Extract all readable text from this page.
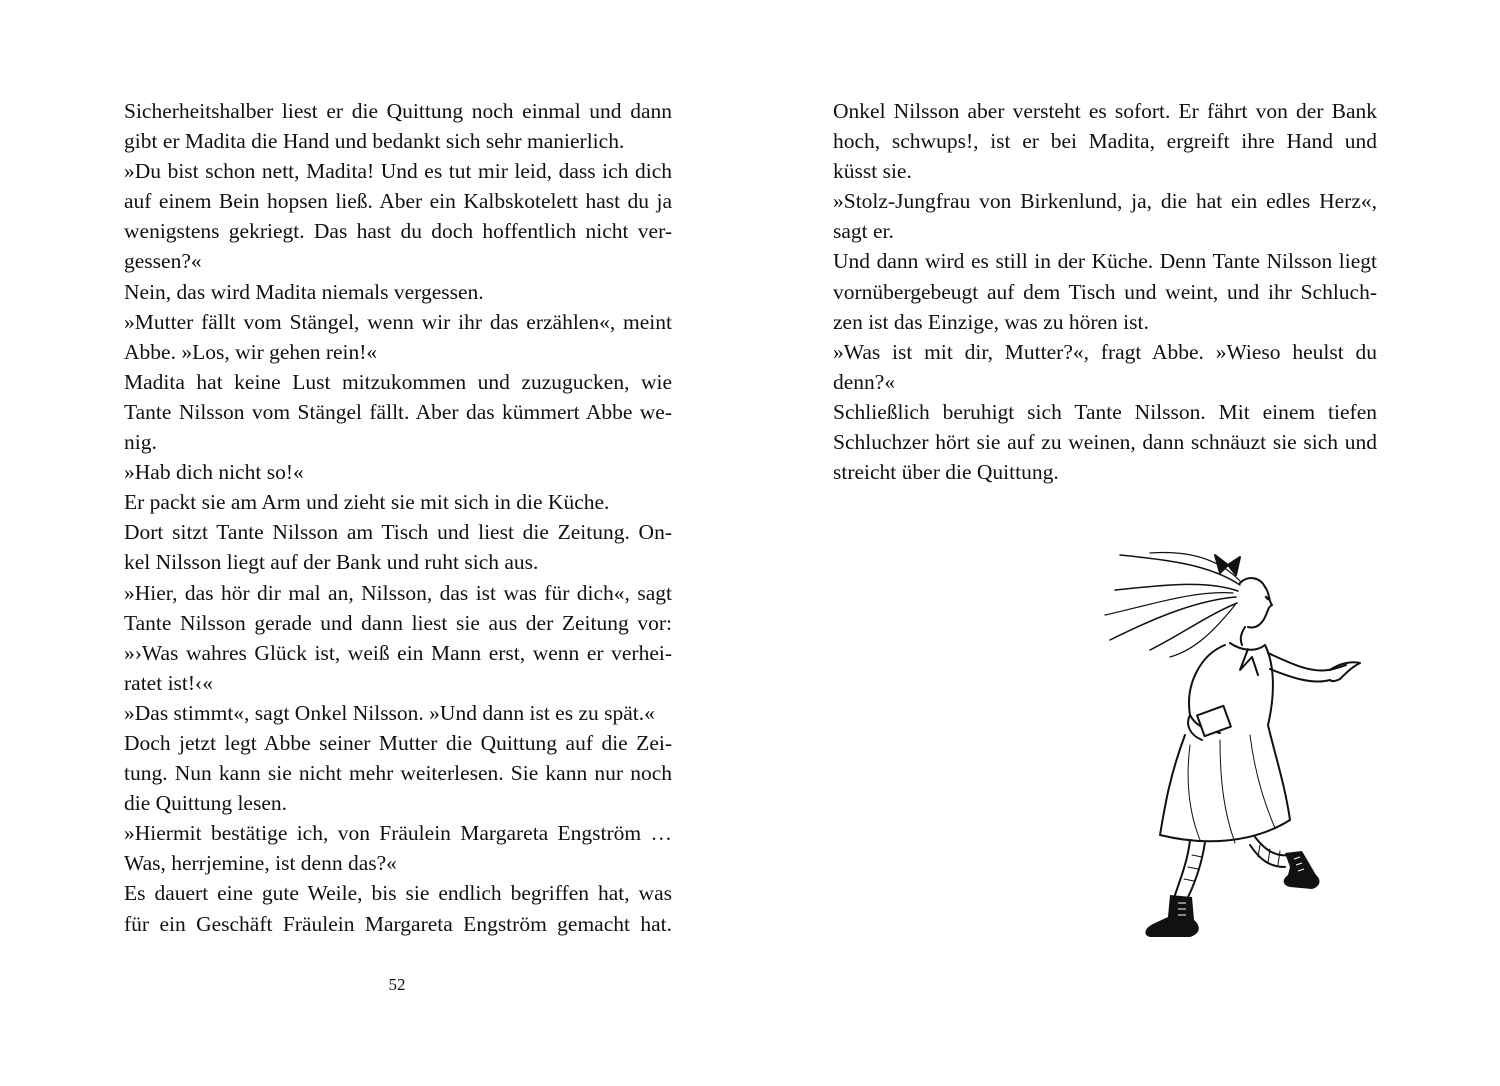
Sicherheitshalber liest er die Quittung noch einmal und dann
gibt er Madita die Hand und bedankt sich sehr manierlich.
»Du bist schon nett, Madita! Und es tut mir leid, dass ich dich
auf einem Bein hopsen ließ. Aber ein Kalbskotelett hast du ja
wenigstens gekriegt. Das hast du doch hoffentlich nicht ver-
gessen?«
Nein, das wird Madita niemals vergessen.
»Mutter fällt vom Stängel, wenn wir ihr das erzählen«, meint
Abbe. »Los, wir gehen rein!«
Madita hat keine Lust mitzukommen und zuzugucken, wie
Tante Nilsson vom Stängel fällt. Aber das kümmert Abbe we-
nig.
»Hab dich nicht so!«
Er packt sie am Arm und zieht sie mit sich in die Küche.
Dort sitzt Tante Nilsson am Tisch und liest die Zeitung. On-
kel Nilsson liegt auf der Bank und ruht sich aus.
»Hier, das hör dir mal an, Nilsson, das ist was für dich«, sagt
Tante Nilsson gerade und dann liest sie aus der Zeitung vor:
»›Was wahres Glück ist, weiß ein Mann erst, wenn er verhei-
ratet ist!‹«
»Das stimmt«, sagt Onkel Nilsson. »Und dann ist es zu spät.«
Doch jetzt legt Abbe seiner Mutter die Quittung auf die Zei-
tung. Nun kann sie nicht mehr weiterlesen. Sie kann nur noch
die Quittung lesen.
»Hiermit bestätige ich, von Fräulein Margareta Engström …
Was, herrjemine, ist denn das?«
Es dauert eine gute Weile, bis sie endlich begriffen hat, was
für ein Geschäft Fräulein Margareta Engström gemacht hat.
52
Onkel Nilsson aber versteht es sofort. Er fährt von der Bank
hoch, schwups!, ist er bei Madita, ergreift ihre Hand und
küsst sie.
»Stolz-Jungfrau von Birkenlund, ja, die hat ein edles Herz«,
sagt er.
Und dann wird es still in der Küche. Denn Tante Nilsson liegt
vornübergebeugt auf dem Tisch und weint, und ihr Schluch-
zen ist das Einzige, was zu hören ist.
»Was ist mit dir, Mutter?«, fragt Abbe. »Wieso heulst du
denn?«
Schließlich beruhigt sich Tante Nilsson. Mit einem tiefen
Schluchzer hört sie auf zu weinen, dann schnäuzt sie sich und
streicht über die Quittung.
